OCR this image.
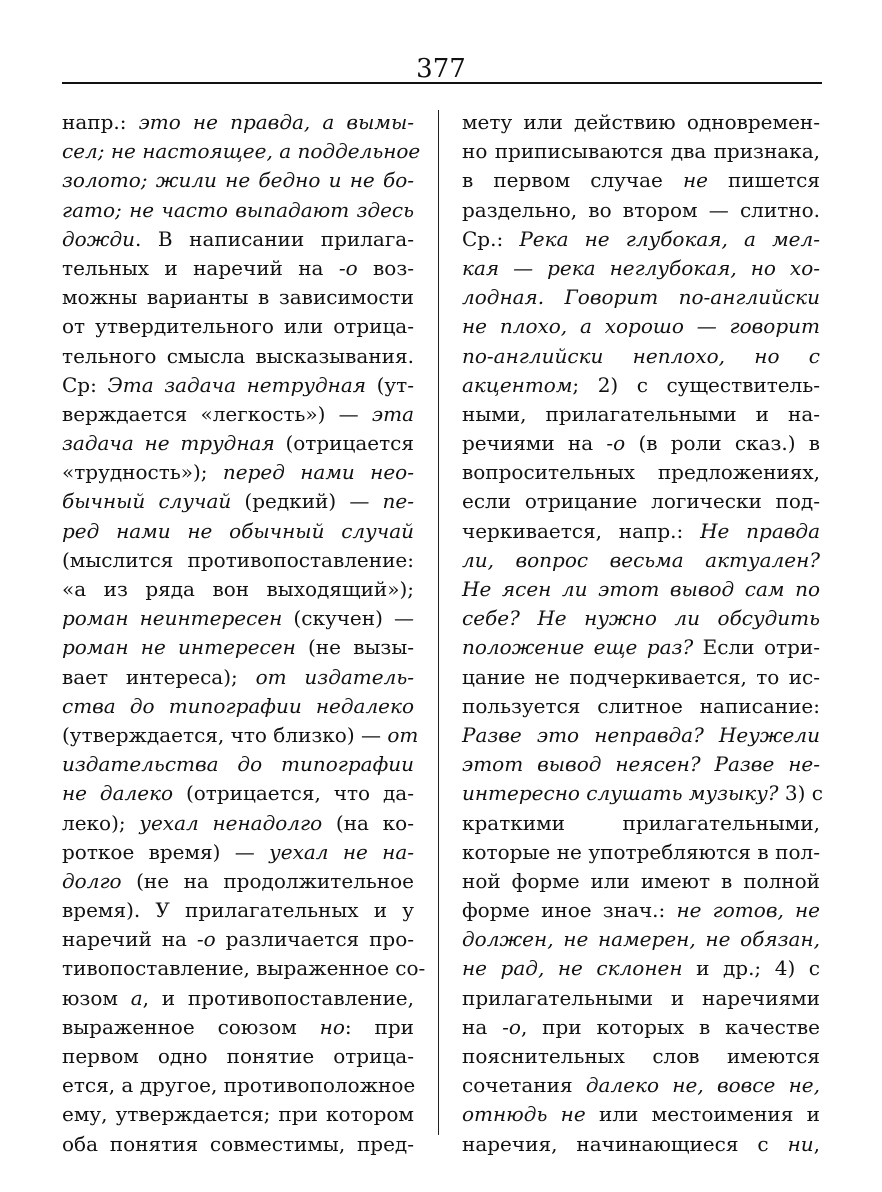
377
напр.: это не правда, а вымы-
сел; не настоящее, а поддельное
золото; жили не бедно и не бо-
гато; не часто выпадают здесь
дожди. В написании прилага-
тельных и наречий на -о воз-
можны варианты в зависимости
от утвердительного или отрица-
тельного смысла высказывания.
Ср: Эта задача нетрудная (ут-
верждается «легкость») — эта
задача не трудная (отрицается
«трудность»); перед нами нео-
бычный случай (редкий) — пе-
ред нами не обычный случай
(мыслится противопоставление:
«а из ряда вон выходящий»);
роман неинтересен (скучен) —
роман не интересен (не вызы-
вает интереса); от издатель-
ства до типографии недалеко
(утверждается, что близко) — от
издательства до типографии
не далеко (отрицается, что да-
леко); уехал ненадолго (на ко-
роткое время) — уехал не на-
долго (не на продолжительное
время). У прилагательных и у
наречий на -о различается про-
тивопоставление, выраженное со-
юзом а, и противопоставление,
выраженное союзом но: при
первом одно понятие отрица-
ется, а другое, противоположное
ему, утверждается; при котором
оба понятия совместимы, пред-
мету или действию одновремен-
но приписываются два признака,
в первом случае не пишется
раздельно, во втором — слитно.
Ср.: Река не глубокая, а мел-
кая — река неглубокая, но хо-
лодная. Говорит по-английски
не плохо, а хорошо — говорит
по-английски неплохо, но с
акцентом; 2) с существитель-
ными, прилагательными и на-
речиями на -о (в роли сказ.) в
вопросительных предложениях,
если отрицание логически под-
черкивается, напр.: Не правда
ли, вопрос весьма актуален?
Не ясен ли этот вывод сам по
себе? Не нужно ли обсудить
положение еще раз? Если отри-
цание не подчеркивается, то ис-
пользуется слитное написание:
Разве это неправда? Неужели
этот вывод неясен? Разве не-
интересно слушать музыку? 3) с
краткими прилагательными,
которые не употребляются в пол-
ной форме или имеют в полной
форме иное знач.: не готов, не
должен, не намерен, не обязан,
не рад, не склонен и др.; 4) с
прилагательными и наречиями
на -о, при которых в качестве
пояснительных слов имеются
сочетания далеко не, вовсе не,
отнюдь не или местоимения и
наречия, начинающиеся с ни,
